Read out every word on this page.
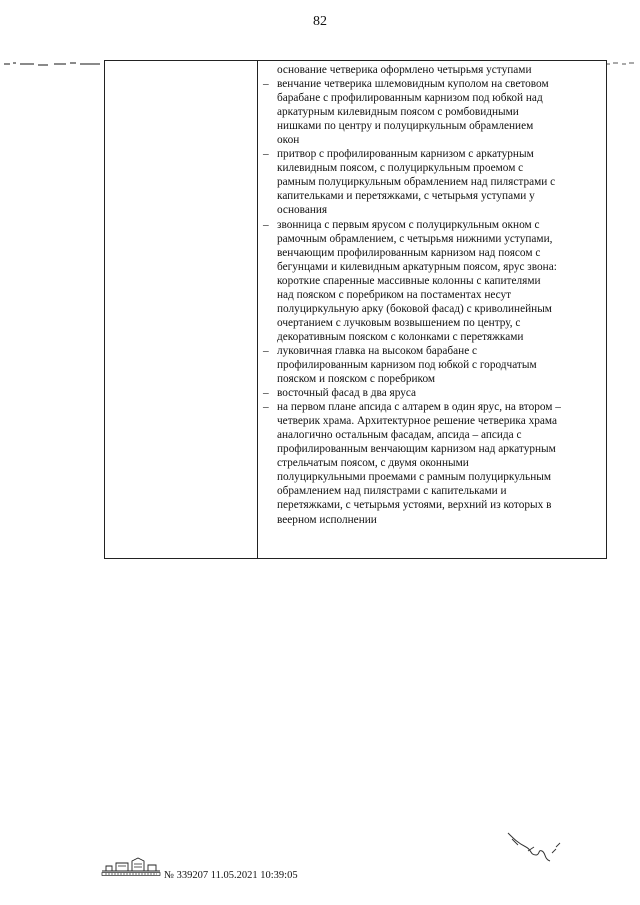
82
основание четверика оформлено четырьмя уступами
– венчание четверика шлемовидным куполом на световом
барабане с профилированным карнизом под юбкой над
аркатурным килевидным поясом с ромбовидными
нишками по центру и полуциркульным обрамлением
окон
– притвор с профилированным карнизом с аркатурным
килевидным поясом, с полуциркульным проемом с
рамным полуциркульным обрамлением над пилястрами с
капительками и перетяжками, с четырьмя уступами у
основания
– звонница с первым ярусом с полуциркульным окном с
рамочным обрамлением, с четырьмя нижними уступами,
венчающим профилированным карнизом над поясом с
бегунцами и килевидным аркатурным поясом, ярус звона:
короткие спаренные массивные колонны с капителями
над пояском с поребриком на постаментах несут
полуциркульную арку (боковой фасад) с криволинейным
очертанием с лучковым возвышением по центру, с
декоративным пояском с колонками с перетяжками
– луковичная главка на высоком барабане с
профилированным карнизом под юбкой с городчатым
пояском и пояском с поребриком
– восточный фасад в два яруса
– на первом плане апсида с алтарем в один ярус, на втором –
четверик храма. Архитектурное решение четверика храма
аналогично остальным фасадам, апсида – апсида с
профилированным венчающим карнизом над аркатурным
стрельчатым поясом, с двумя оконными
полуциркульными проемами с рамным полуциркульным
обрамлением над пилястрами с капительками и
перетяжками, с четырьмя устоями, верхний из которых в
веерном исполнении
№ 339207 11.05.2021 10:39:05
